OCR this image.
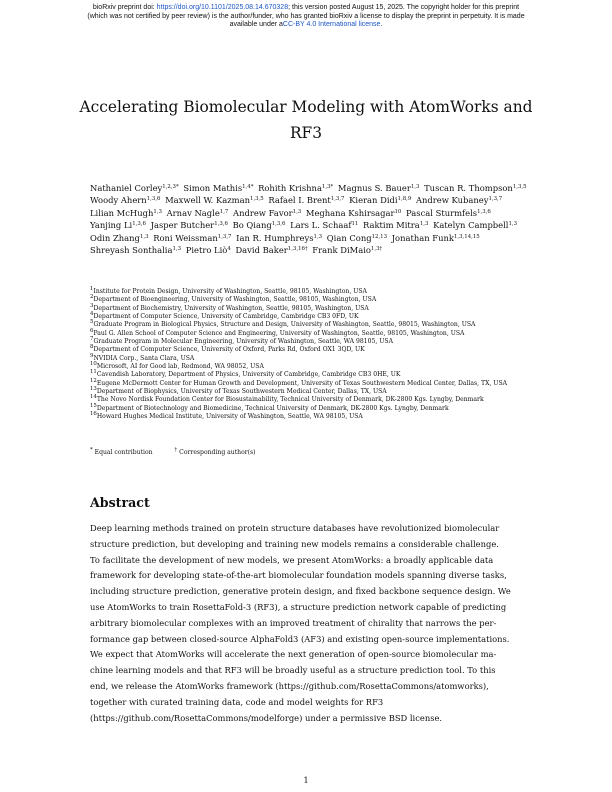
bioRxiv preprint doi: https://doi.org/10.1101/2025.08.14.670328; this version posted August 15, 2025. The copyright holder for this preprint
(which was not certified by peer review) is the author/funder, who has granted bioRxiv a license to display the preprint in perpetuity. It is made
available under aCC-BY 4.0 International license.
Accelerating Biomolecular Modeling with AtomWorks and
RF3
Nathaniel Corley$^{1,2,3*}$ Simon Mathis$^{1,4*}$ Rohith Krishna$^{1,3*}$ Magnus S. Bauer$^{1,3}$ Tuscan R. Thompson$^{1,3,5}$
Woody Ahern$^{1,3,6}$ Maxwell W. Kazman$^{1,3,5}$ Rafael I. Brent$^{1,3,7}$ Kieran Didi$^{1,8,9}$ Andrew Kubaney$^{1,3,7}$
Lilian McHugh$^{1,3}$ Arnav Nagle$^{1,7}$ Andrew Favor$^{1,3}$ Meghana Kshirsagar$^{10}$ Pascal Sturmfels$^{1,3,6}$
Yanjing Li$^{1,3,6}$ Jasper Butcher$^{1,3,6}$ Bo Qiang$^{1,3,6}$ Lars L. Schaaf$^{11}$ Raktim Mitra$^{1,3}$ Katelyn Campbell$^{1,3}$
Odin Zhang$^{1,3}$ Roni Weissman$^{1,3,7}$ Ian R. Humphreys$^{1,3}$ Qian Cong$^{12,13}$ Jonathan Funk$^{1,3,14,15}$
Shreyash Sonthalia$^{1,3}$ Pietro Liò$^4$ David Baker$^{1,3,16\dagger}$ Frank DiMaio$^{1,3\dagger}$
$^1$Institute for Protein Design, University of Washington, Seattle, 98105, Washington, USA
$^2$Department of Bioengineering, University of Washington, Seattle, 98105, Washington, USA
$^3$Department of Biochemistry, University of Washington, Seattle, 98105, Washington, USA
$^4$Department of Computer Science, University of Cambridge, Cambridge CB3 0FD, UK
$^5$Graduate Program in Biological Physics, Structure and Design, University of Washington, Seattle, 98015, Washington, USA
$^6$Paul G. Allen School of Computer Science and Engineering, University of Washington, Seattle, 98105, Washington, USA
$^7$Graduate Program in Molecular Engineering, University of Washington, Seattle, WA 98105, USA
$^8$Department of Computer Science, University of Oxford, Parks Rd, Oxford OX1 3QD, UK
$^9$NVIDIA Corp., Santa Clara, USA
$^{10}$Microsoft, AI for Good lab, Redmond, WA 98052, USA
$^{11}$Cavendish Laboratory, Department of Physics, University of Cambridge, Cambridge CB3 0HE, UK
$^{12}$Eugene McDermott Center for Human Growth and Development, University of Texas Southwestern Medical Center, Dallas, TX, USA
$^{13}$Department of Biophysics, University of Texas Southwestern Medical Center, Dallas, TX, USA
$^{14}$The Novo Nordisk Foundation Center for Biosustainability, Technical University of Denmark, DK-2800 Kgs. Lyngby, Denmark
$^{15}$Department of Biotechnology and Biomedicine, Technical University of Denmark, DK-2800 Kgs. Lyngby, Denmark
$^{16}$Howard Hughes Medical Institute, University of Washington, Seattle, WA 98105, USA
* Equal contribution	† Corresponding author(s)
Abstract
Deep learning methods trained on protein structure databases have revolutionized biomolecular
structure prediction, but developing and training new models remains a considerable challenge.
To facilitate the development of new models, we present AtomWorks: a broadly applicable data
framework for developing state-of-the-art biomolecular foundation models spanning diverse tasks,
including structure prediction, generative protein design, and fixed backbone sequence design. We
use AtomWorks to train RosettaFold-3 (RF3), a structure prediction network capable of predicting
arbitrary biomolecular complexes with an improved treatment of chirality that narrows the per-
formance gap between closed-source AlphaFold3 (AF3) and existing open-source implementations.
We expect that AtomWorks will accelerate the next generation of open-source biomolecular ma-
chine learning models and that RF3 will be broadly useful as a structure prediction tool. To this
end, we release the AtomWorks framework (https://github.com/RosettaCommons/atomworks),
together with curated training data, code and model weights for RF3
(https://github.com/RosettaCommons/modelforge) under a permissive BSD license.
1
